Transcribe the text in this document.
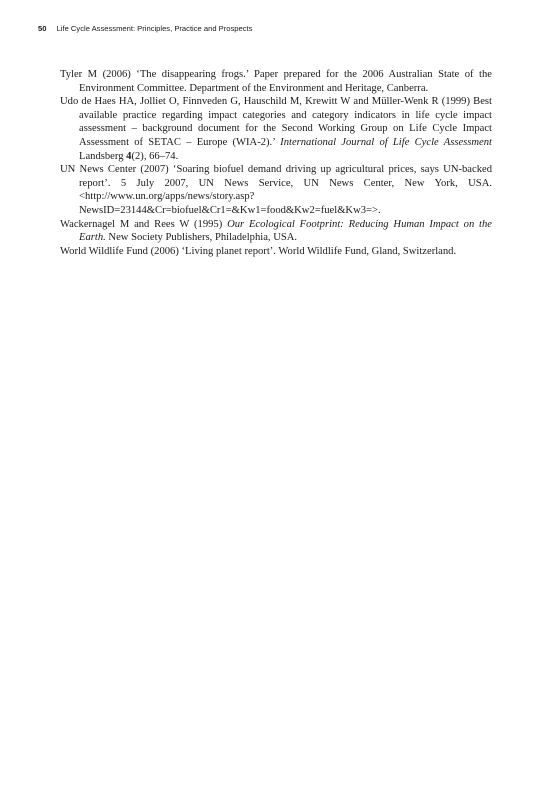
50 Life Cycle Assessment: Principles, Practice and Prospects

Tyler M (2006) ‘The disappearing frogs.’ Paper prepared for the 2006 Australian State of the Environment Committee. Department of the Environment and Heritage, Canberra.

Udo de Haes HA, Jolliet O, Finnveden G, Hauschild M, Krewitt W and Müller-Wenk R (1999) Best available practice regarding impact categories and category indicators in life cycle impact assessment – background document for the Second Working Group on Life Cycle Impact Assessment of SETAC – Europe (WIA-2).’ International Journal of Life Cycle Assessment Landsberg 4(2), 66–74.

UN News Center (2007) ‘Soaring biofuel demand driving up agricultural prices, says UN-backed report’. 5 July 2007, UN News Service, UN News Center, New York, USA. <http://www.un.org/apps/news/story.asp?NewsID=23144&Cr=biofuel&Cr1=&Kw1=food&Kw2=fuel&Kw3=>.

Wackernagel M and Rees W (1995) Our Ecological Footprint: Reducing Human Impact on the Earth. New Society Publishers, Philadelphia, USA.

World Wildlife Fund (2006) ‘Living planet report’. World Wildlife Fund, Gland, Switzerland.
